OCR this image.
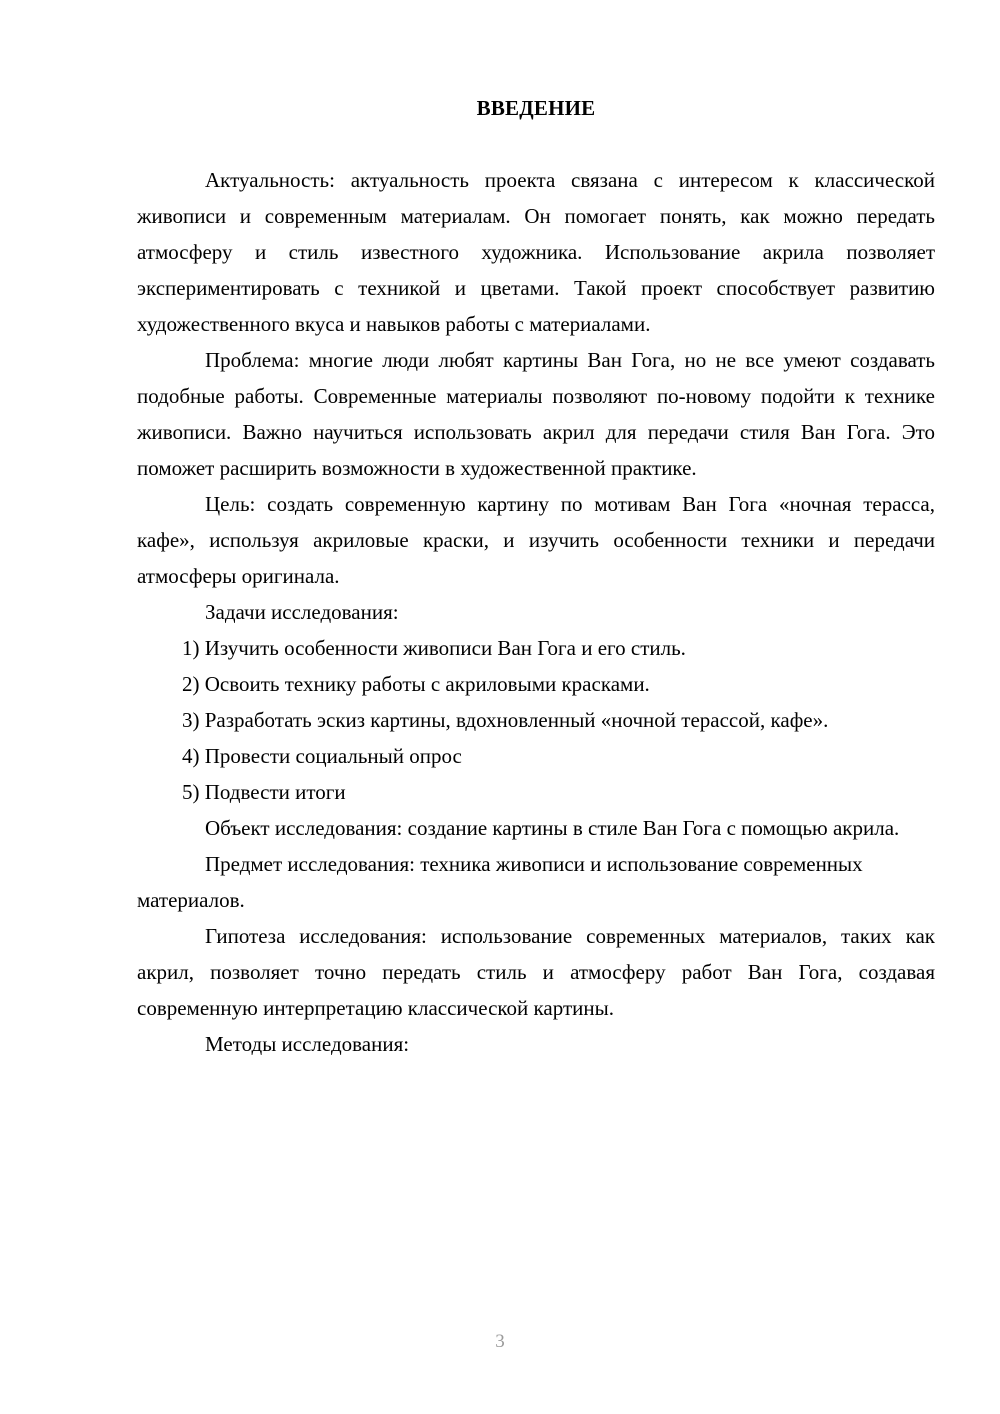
ВВЕДЕНИЕ

Актуальность: актуальность проекта связана с интересом к классической живописи и современным материалам. Он помогает понять, как можно передать атмосферу и стиль известного художника. Использование акрила позволяет экспериментировать с техникой и цветами. Такой проект способствует развитию художественного вкуса и навыков работы с материалами.

Проблема: многие люди любят картины Ван Гога, но не все умеют создавать подобные работы. Современные материалы позволяют по-новому подойти к технике живописи. Важно научиться использовать акрил для передачи стиля Ван Гога. Это поможет расширить возможности в художественной практике.

Цель: создать современную картину по мотивам Ван Гога «ночная терасса, кафе», используя акриловые краски, и изучить особенности техники и передачи атмосферы оригинала.

Задачи исследования:

1) Изучить особенности живописи Ван Гога и его стиль.

2) Освоить технику работы с акриловыми красками.

3) Разработать эскиз картины, вдохновленный «ночной терассой, кафе».

4) Провести социальный опрос

5) Подвести итоги

Объект исследования: создание картины в стиле Ван Гога с помощью акрила.

Предмет исследования: техника живописи и использование современных материалов.

Гипотеза исследования: использование современных материалов, таких как акрил, позволяет точно передать стиль и атмосферу работ Ван Гога, создавая современную интерпретацию классической картины.

Методы исследования:

3
